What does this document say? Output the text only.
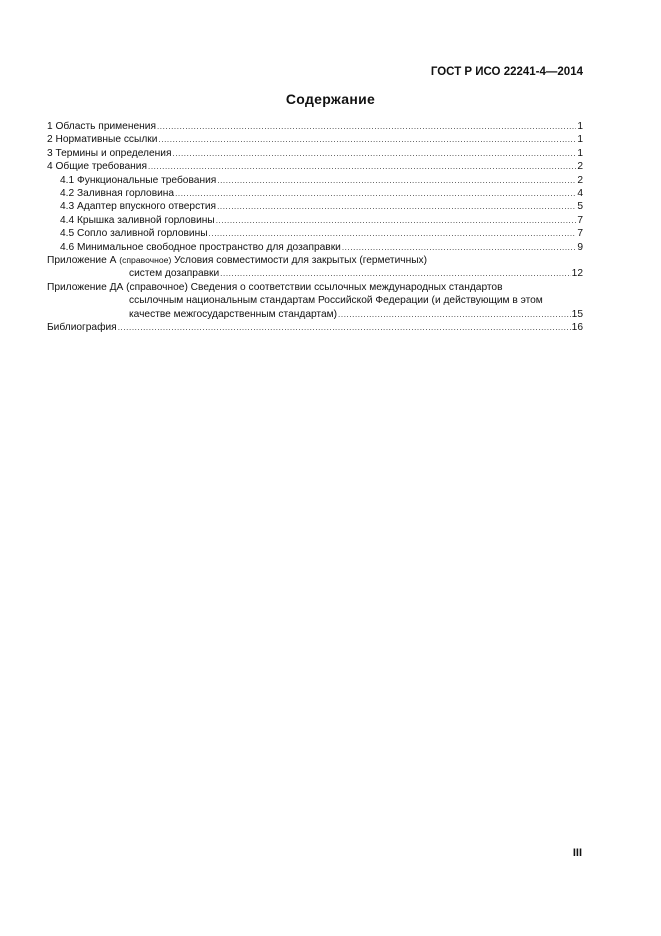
ГОСТ Р ИСО 22241-4—2014
Содержание
1 Область применения .....	1
2 Нормативные ссылки .....	1
3 Термины и определения .....	1
4 Общие требования .....	2
4.1 Функциональные требования .....	2
4.2 Заливная горловина .....	4
4.3 Адаптер впускного отверстия .....	5
4.4 Крышка заливной горловины .....	7
4.5 Сопло заливной горловины .....	7
4.6 Минимальное свободное пространство для дозаправки .....	9
Приложение А (справочное) Условия совместимости для закрытых (герметичных)
систем дозаправки .....	12
Приложение ДА (справочное) Сведения о соответствии ссылочных международных стандартов
ссылочным национальным стандартам Российской Федерации (и действующим в этом
качестве межгосударственным стандартам) .....	15
Библиография .....	16
III
